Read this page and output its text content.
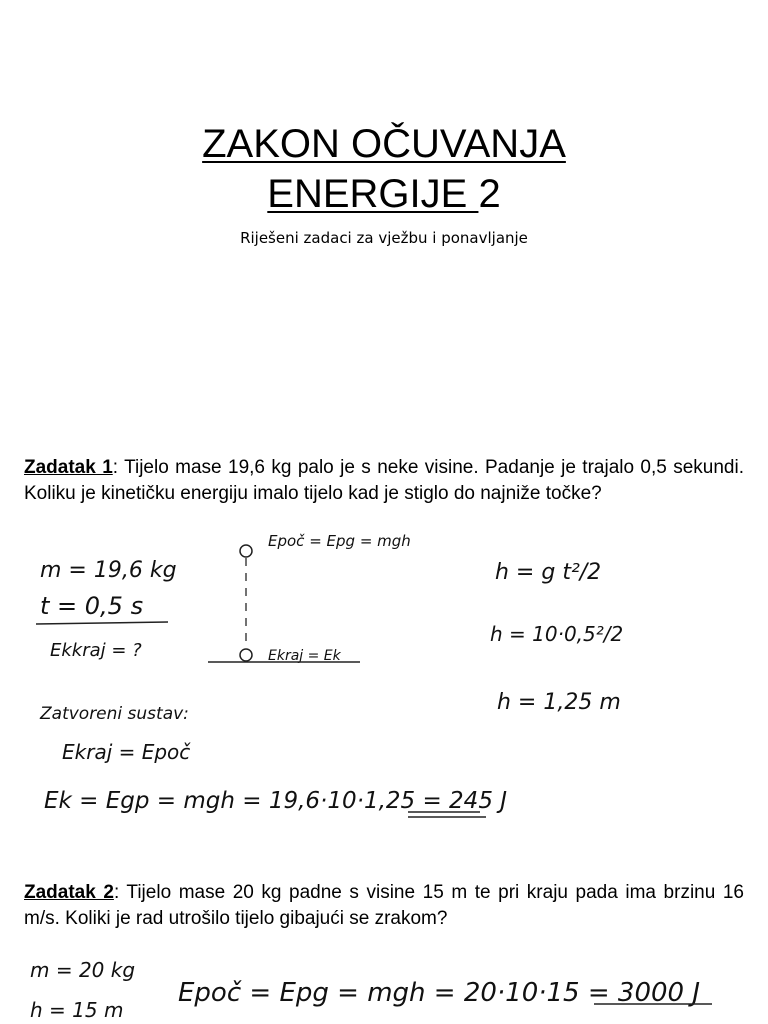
ZAKON OČUVANJA
ENERGIJE 2
Riješeni zadaci za vježbu i ponavljanje
Zadatak 1: Tijelo mase 19,6 kg palo je s neke visine. Padanje je trajalo 0,5 sekundi. Koliku je kinetičku energiju imalo tijelo kad je stiglo do najniže točke?
m = 19,6 kg
t = 0,5 s
Ekkraj = ?
Epoč = Epg = mgh
Ekraj = Ek
h = g t²/2
h = 10·0,5²/2
h = 1,25 m
Zatvoreni sustav:
Ekraj = Epoč
Ek = Egp = mgh = 19,6·10·1,25 = 245 J
Zadatak 2: Tijelo mase 20 kg padne s visine 15 m te pri kraju pada ima brzinu 16 m/s. Koliki je rad utrošilo tijelo gibajući se zrakom?
m = 20 kg
h = 15 m
Epoč = Epg = mgh = 20·10·15 = 3000 J
